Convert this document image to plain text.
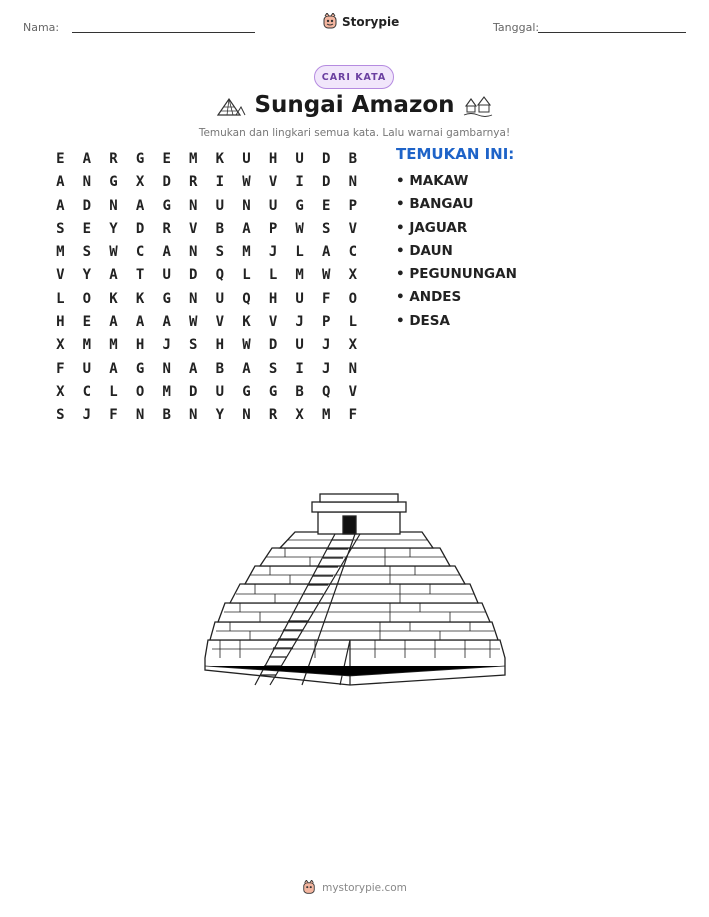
Nama:	Storypie	Tanggal:
CARI KATA
Sungai Amazon
Temukan dan lingkari semua kata. Lalu warnai gambarnya!
E	A	R	G	E	M	K	U	H	U	D	B
A	N	G	X	D	R	I	W	V	I	D	N
A	D	N	A	G	N	U	N	U	G	E	P
S	E	Y	D	R	V	B	A	P	W	S	V
M	S	W	C	A	N	S	M	J	L	A	C
V	Y	A	T	U	D	Q	L	L	M	W	X
L	O	K	K	G	N	U	Q	H	U	F	O
H	E	A	A	A	W	V	K	V	J	P	L
X	M	M	H	J	S	H	W	D	U	J	X
F	U	A	G	N	A	B	A	S	I	J	N
X	C	L	O	M	D	U	G	G	B	Q	V
S	J	F	N	B	N	Y	N	R	X	M	F
TEMUKAN INI:
• MAKAW
• BANGAU
• JAGUAR
• DAUN
• PEGUNUNGAN
• ANDES
• DESA
mystorypie.com
